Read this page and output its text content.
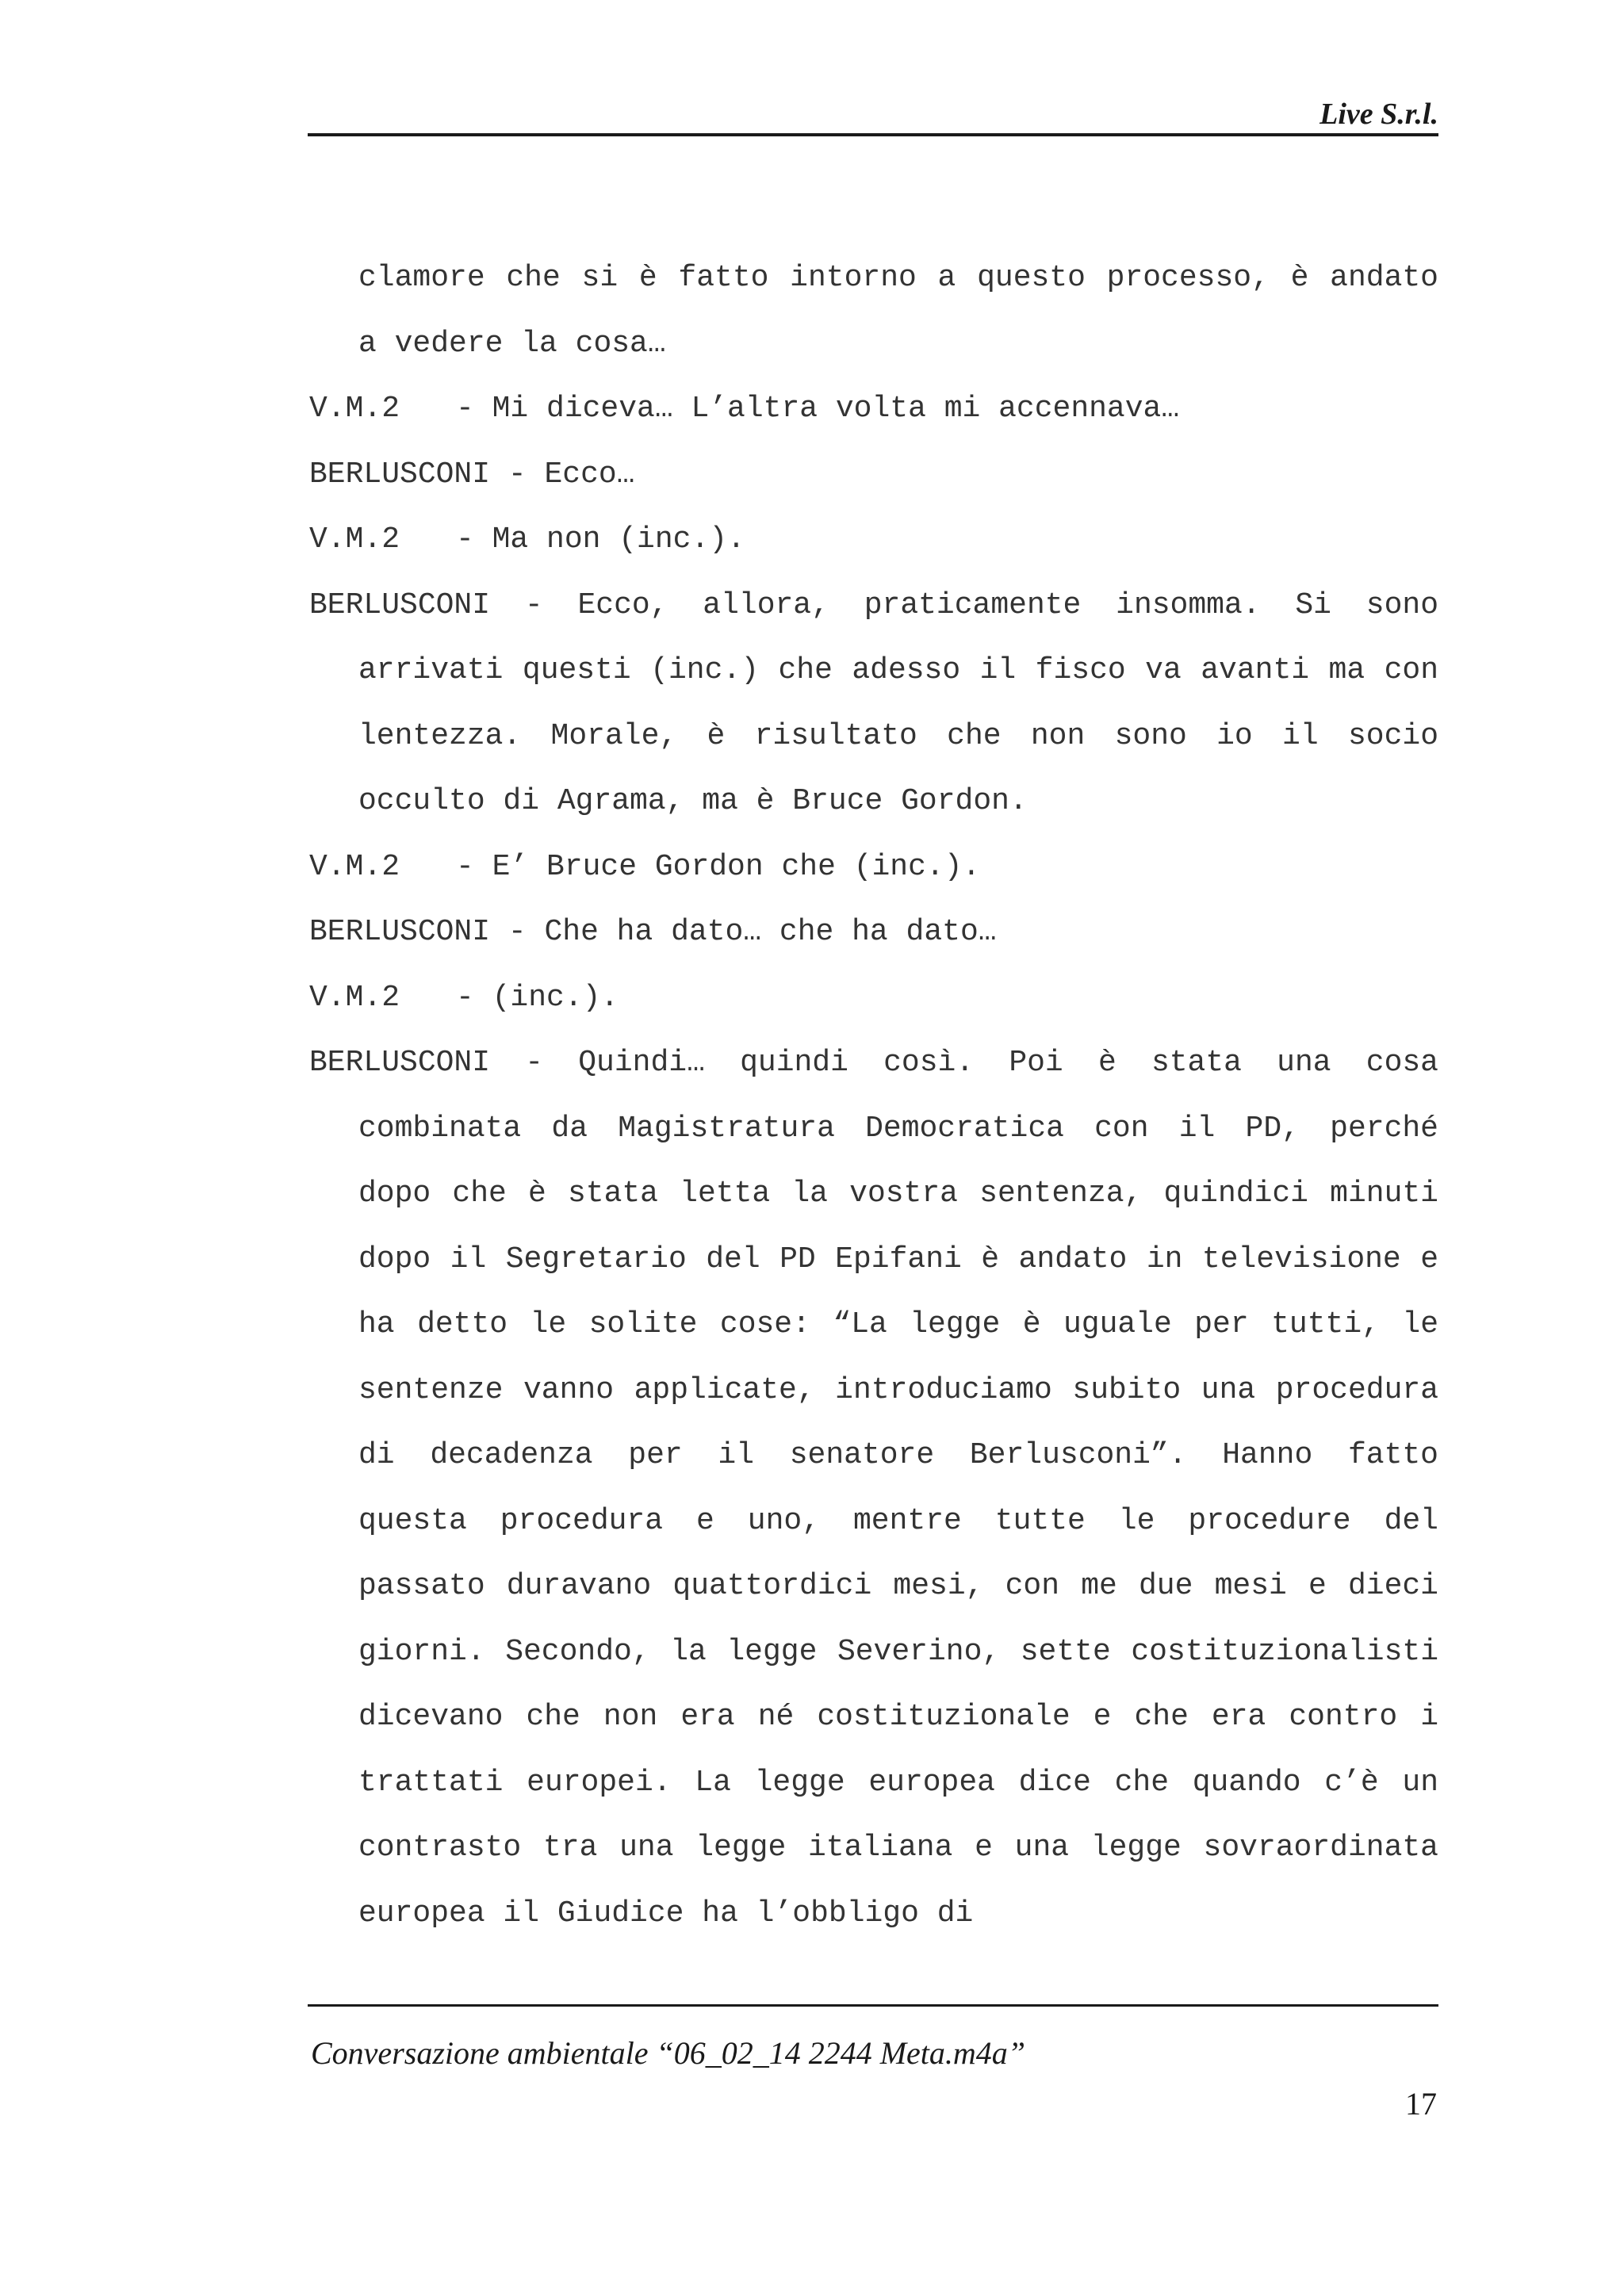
Live S.r.l.

clamore che si è fatto intorno a questo processo, è andato a vedere la cosa…

V.M.2 - Mi diceva… L’altra volta mi accennava…

BERLUSCONI - Ecco…

V.M.2 - Ma non (inc.).

BERLUSCONI - Ecco, allora, praticamente insomma. Si sono arrivati questi (inc.) che adesso il fisco va avanti ma con lentezza. Morale, è risultato che non sono io il socio occulto di Agrama, ma è Bruce Gordon.

V.M.2 - E’ Bruce Gordon che (inc.).

BERLUSCONI - Che ha dato… che ha dato…

V.M.2 - (inc.).

BERLUSCONI - Quindi… quindi così. Poi è stata una cosa combinata da Magistratura Democratica con il PD, perché dopo che è stata letta la vostra sentenza, quindici minuti dopo il Segretario del PD Epifani è andato in televisione e ha detto le solite cose: “La legge è uguale per tutti, le sentenze vanno applicate, introduciamo subito una procedura di decadenza per il senatore Berlusconi”. Hanno fatto questa procedura e uno, mentre tutte le procedure del passato duravano quattordici mesi, con me due mesi e dieci giorni. Secondo, la legge Severino, sette costituzionalisti dicevano che non era né costituzionale e che era contro i trattati europei. La legge europea dice che quando c’è un contrasto tra una legge italiana e una legge sovraordinata europea il Giudice ha l’obbligo di

Conversazione ambientale “06_02_14 2244 Meta.m4a”
17
